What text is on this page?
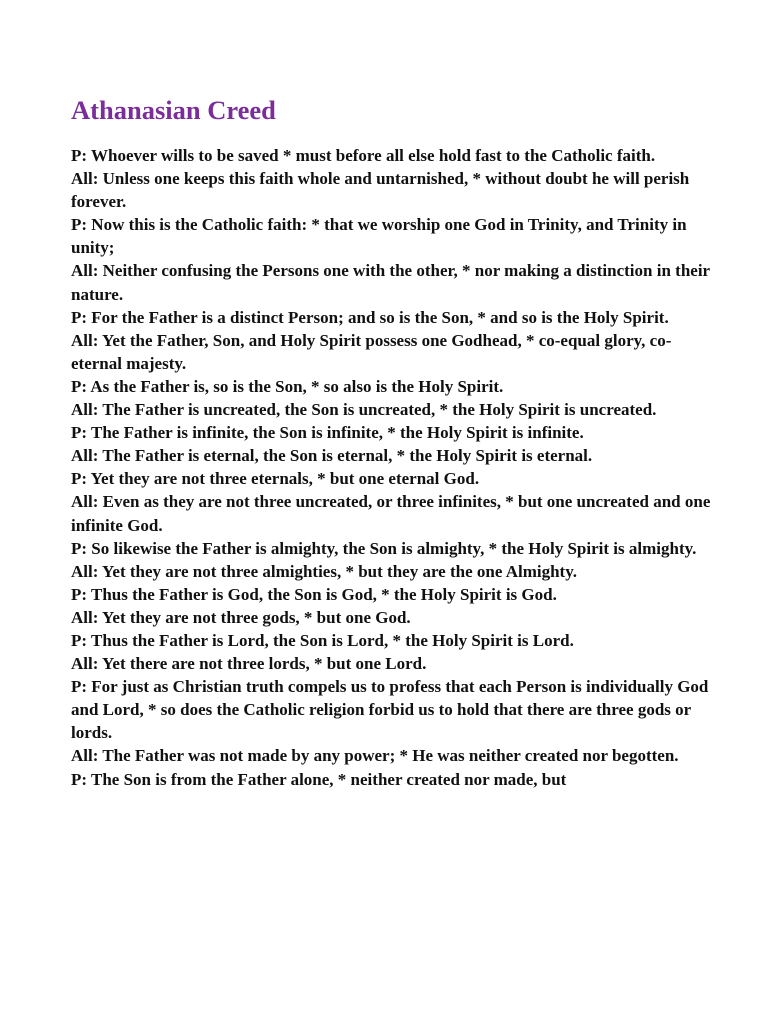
Athanasian Creed

P: Whoever wills to be saved * must before all else hold fast to the Catholic faith.

All: Unless one keeps this faith whole and untarnished, * without doubt he will perish forever.

P: Now this is the Catholic faith: * that we worship one God in Trinity, and Trinity in unity;

All: Neither confusing the Persons one with the other, * nor making a distinction in their nature.

P: For the Father is a distinct Person; and so is the Son, * and so is the Holy Spirit.

All: Yet the Father, Son, and Holy Spirit possess one Godhead, * co-equal glory, co-eternal majesty.

P: As the Father is, so is the Son, * so also is the Holy Spirit.

All: The Father is uncreated, the Son is uncreated, * the Holy Spirit is uncreated.

P: The Father is infinite, the Son is infinite, * the Holy Spirit is infinite.

All: The Father is eternal, the Son is eternal, * the Holy Spirit is eternal.

P: Yet they are not three eternals, * but one eternal God.

All: Even as they are not three uncreated, or three infinites, * but one uncreated and one infinite God.

P: So likewise the Father is almighty, the Son is almighty, * the Holy Spirit is almighty.

All: Yet they are not three almighties, * but they are the one Almighty.

P: Thus the Father is God, the Son is God, * the Holy Spirit is God.

All: Yet they are not three gods, * but one God.

P: Thus the Father is Lord, the Son is Lord, * the Holy Spirit is Lord.

All: Yet there are not three lords, * but one Lord.

P: For just as Christian truth compels us to profess that each Person is individually God and Lord, * so does the Catholic religion forbid us to hold that there are three gods or lords.

All: The Father was not made by any power; * He was neither created nor begotten.

P: The Son is from the Father alone, * neither created nor made, but
